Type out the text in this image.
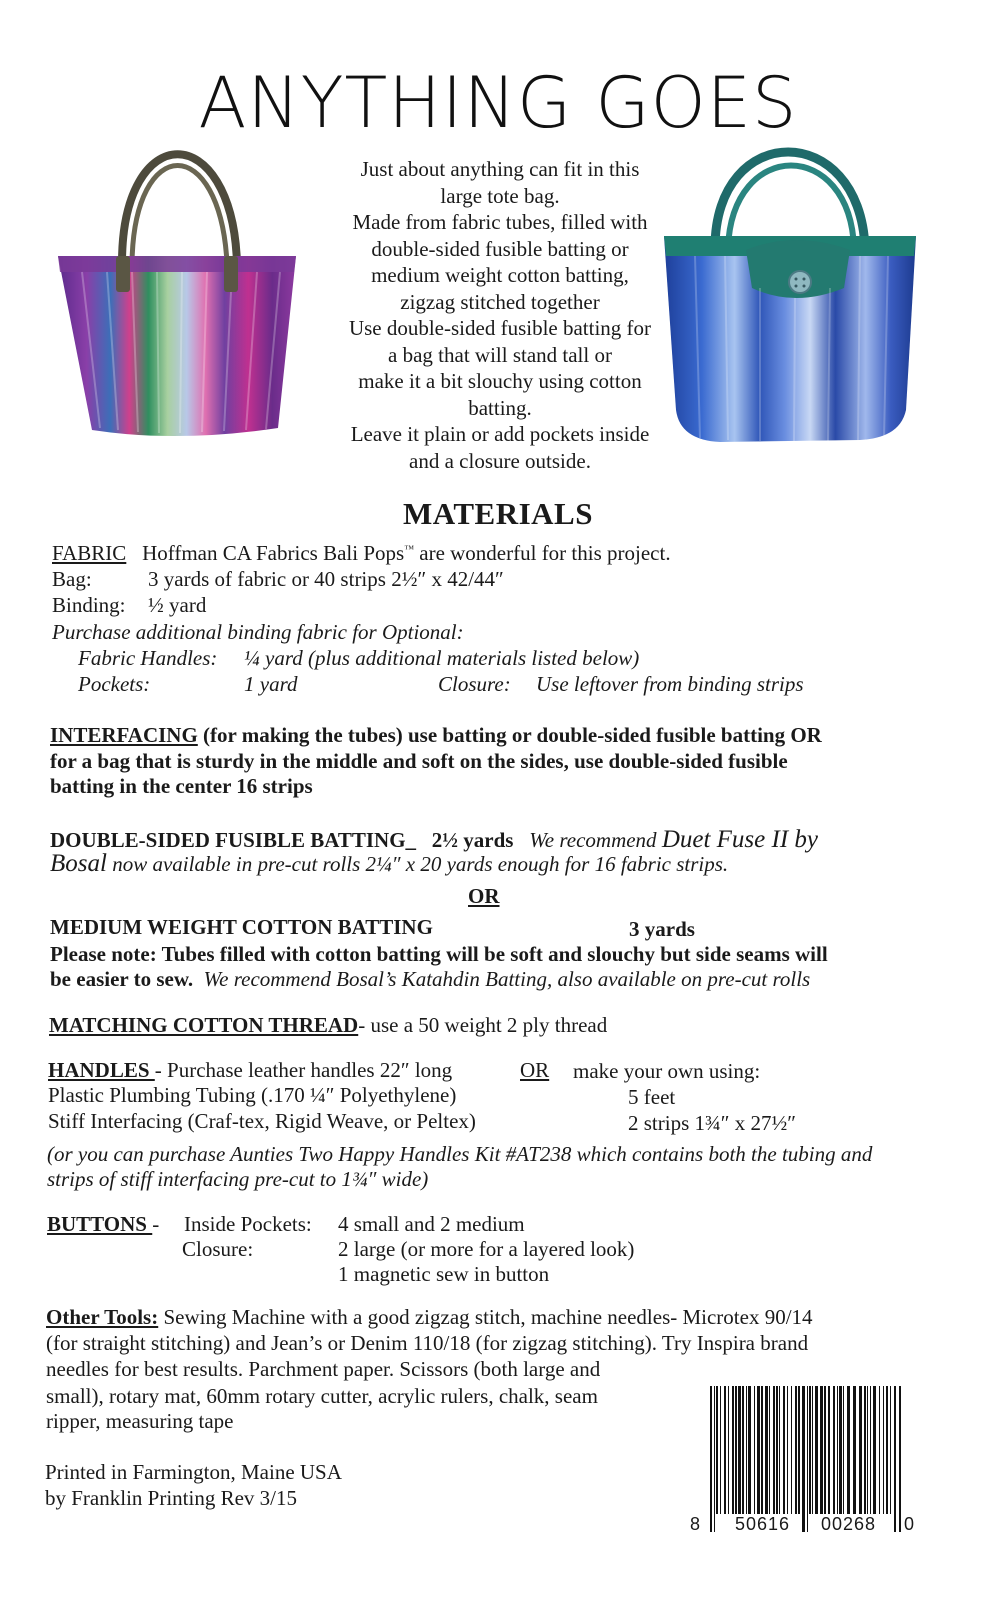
ANYTHING GOES
Just about anything can fit in this
large tote bag.
Made from fabric tubes, filled with
double-sided fusible batting or
medium weight cotton batting,
zigzag stitched together
Use double-sided fusible batting for
a bag that will stand tall or
make it a bit slouchy using cotton
batting.
Leave it plain or add pockets inside
and a closure outside.
MATERIALS
FABRIC Hoffman CA Fabrics Bali Pops™ are wonderful for this project.
Bag:	3 yards of fabric or 40 strips 2½″ x 42/44″
Binding: ½ yard
Purchase additional binding fabric for Optional:
Fabric Handles: ¼ yard (plus additional materials listed below)
Pockets:	1 yard	Closure: Use leftover from binding strips
INTERFACING (for making the tubes) use batting or double-sided fusible batting OR
for a bag that is sturdy in the middle and soft on the sides, use double-sided fusible
batting in the center 16 strips
DOUBLE-SIDED FUSIBLE BATTING_ 2½ yards We recommend Duet Fuse II by
Bosal now available in pre-cut rolls 2¼″ x 20 yards enough for 16 fabric strips.
OR
MEDIUM WEIGHT COTTON BATTING	3 yards
Please note: Tubes filled with cotton batting will be soft and slouchy but side seams will
be easier to sew. We recommend Bosal’s Katahdin Batting, also available on pre-cut rolls
MATCHING COTTON THREAD- use a 50 weight 2 ply thread
HANDLES - Purchase leather handles 22″ long	OR make your own using:
Plastic Plumbing Tubing (.170 ¼″ Polyethylene)	5 feet
Stiff Interfacing (Craf-tex, Rigid Weave, or Peltex)	2 strips 1¾″ x 27½″
(or you can purchase Aunties Two Happy Handles Kit #AT238 which contains both the tubing and
strips of stiff interfacing pre-cut to 1¾″ wide)
BUTTONS - Inside Pockets: 4 small and 2 medium
Closure:	2 large (or more for a layered look)
1 magnetic sew in button
Other Tools: Sewing Machine with a good zigzag stitch, machine needles- Microtex 90/14
(for straight stitching) and Jean’s or Denim 110/18 (for zigzag stitching). Try Inspira brand
needles for best results. Parchment paper. Scissors (both large and
small), rotary mat, 60mm rotary cutter, acrylic rulers, chalk, seam
ripper, measuring tape
Printed in Farmington, Maine USA
by Franklin Printing Rev 3/15
8 50616 00268 0
